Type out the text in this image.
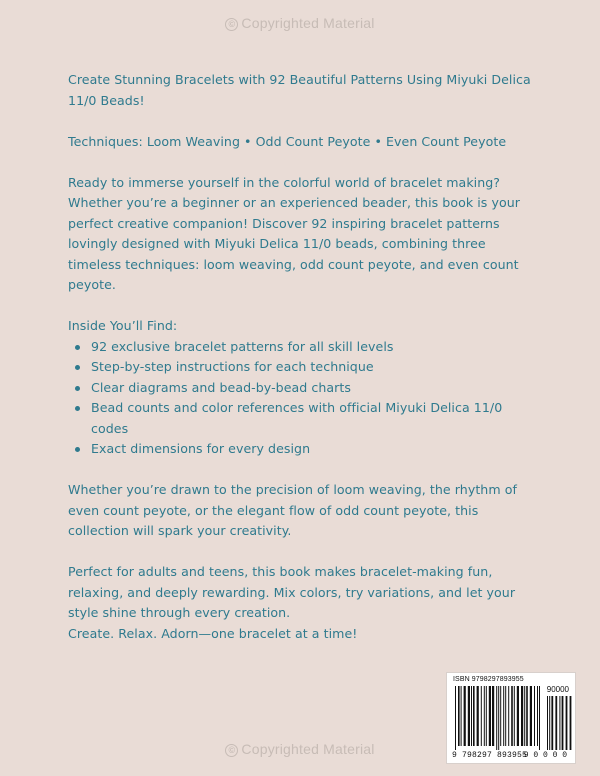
© Copyrighted Material

Create Stunning Bracelets with 92 Beautiful Patterns Using Miyuki Delica 11/0 Beads!

Techniques: Loom Weaving • Odd Count Peyote • Even Count Peyote

Ready to immerse yourself in the colorful world of bracelet making? Whether you’re a beginner or an experienced beader, this book is your perfect creative companion! Discover 92 inspiring bracelet patterns lovingly designed with Miyuki Delica 11/0 beads, combining three timeless techniques: loom weaving, odd count peyote, and even count peyote.

Inside You’ll Find:

92 exclusive bracelet patterns for all skill levels
Step-by-step instructions for each technique
Clear diagrams and bead-by-bead charts
Bead counts and color references with official Miyuki Delica 11/0 codes
Exact dimensions for every design

Whether you’re drawn to the precision of loom weaving, the rhythm of even count peyote, or the elegant flow of odd count peyote, this collection will spark your creativity.

Perfect for adults and teens, this book makes bracelet-making fun, relaxing, and deeply rewarding. Mix colors, try variations, and let your style shine through every creation.

Create. Relax. Adorn—one bracelet at a time!

ISBN 9798297893955
90000
9 798297 893955
9 0 0 0 0
© Copyrighted Material
